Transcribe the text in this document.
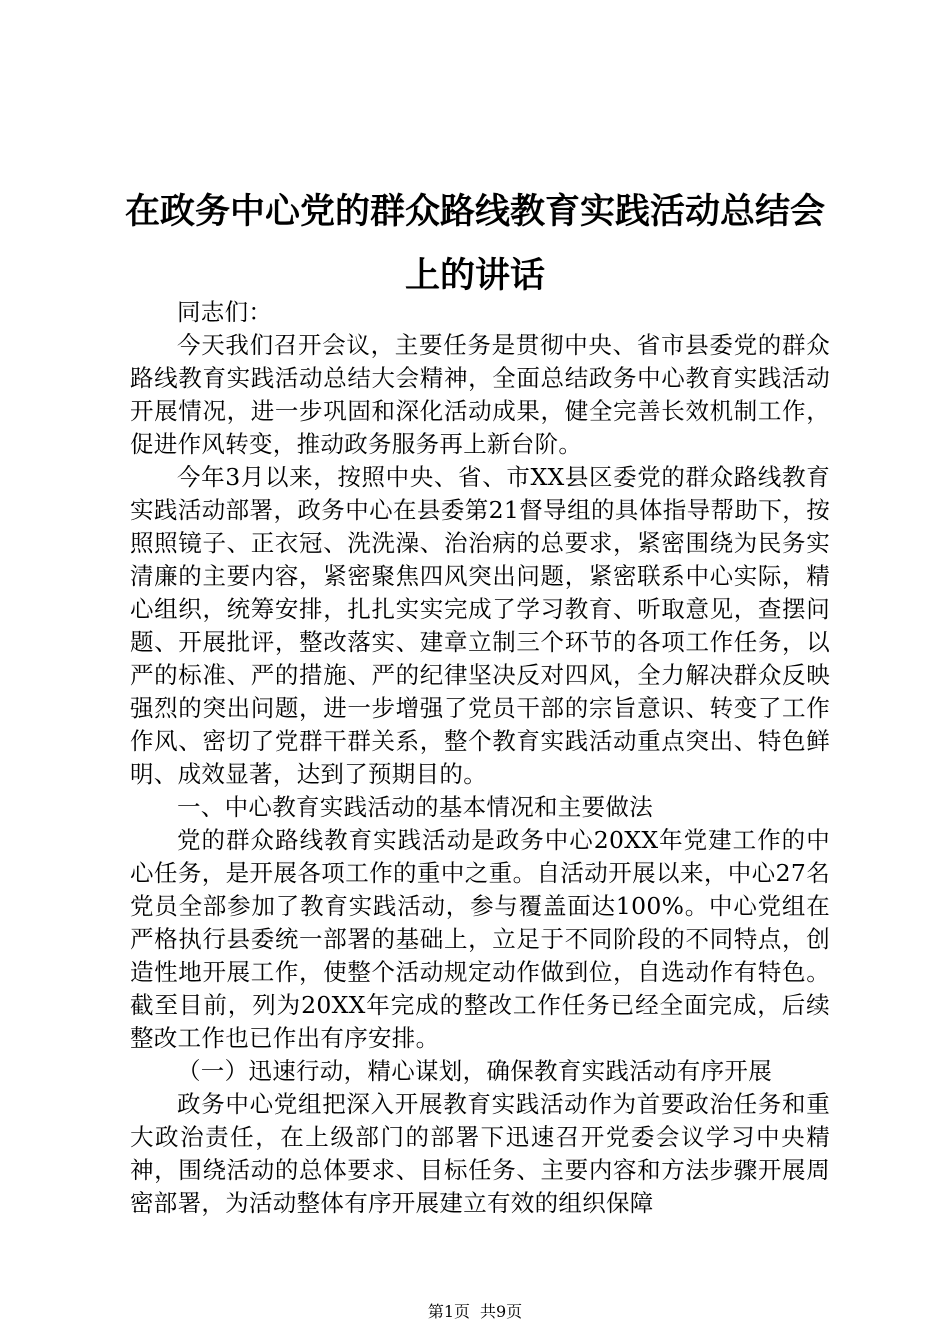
在政务中心党的群众路线教育实践活动总结会
上的讲话

同志们：

今天我们召开会议，主要任务是贯彻中央、省市县委党的群众路线教育实践活动总结大会精神，全面总结政务中心教育实践活动开展情况，进一步巩固和深化活动成果，健全完善长效机制工作，促进作风转变，推动政务服务再上新台阶。

今年3月以来，按照中央、省、市XX县区委党的群众路线教育实践活动部署，政务中心在县委第21督导组的具体指导帮助下，按照照镜子、正衣冠、洗洗澡、治治病的总要求，紧密围绕为民务实清廉的主要内容，紧密聚焦四风突出问题，紧密联系中心实际，精心组织，统筹安排，扎扎实实完成了学习教育、听取意见，查摆问题、开展批评，整改落实、建章立制三个环节的各项工作任务，以严的标准、严的措施、严的纪律坚决反对四风，全力解决群众反映强烈的突出问题，进一步增强了党员干部的宗旨意识、转变了工作作风、密切了党群干群关系，整个教育实践活动重点突出、特色鲜明、成效显著，达到了预期目的。

一、中心教育实践活动的基本情况和主要做法

党的群众路线教育实践活动是政务中心20XX年党建工作的中心任务，是开展各项工作的重中之重。自活动开展以来，中心27名党员全部参加了教育实践活动，参与覆盖面达100%。中心党组在严格执行县委统一部署的基础上，立足于不同阶段的不同特点，创造性地开展工作，使整个活动规定动作做到位，自选动作有特色。截至目前，列为20XX年完成的整改工作任务已经全面完成，后续整改工作也已作出有序安排。

（一）迅速行动，精心谋划，确保教育实践活动有序开展

政务中心党组把深入开展教育实践活动作为首要政治任务和重大政治责任，在上级部门的部署下迅速召开党委会议学习中央精神，围绕活动的总体要求、目标任务、主要内容和方法步骤开展周密部署，为活动整体有序开展建立有效的组织保障

第1页 共9页
